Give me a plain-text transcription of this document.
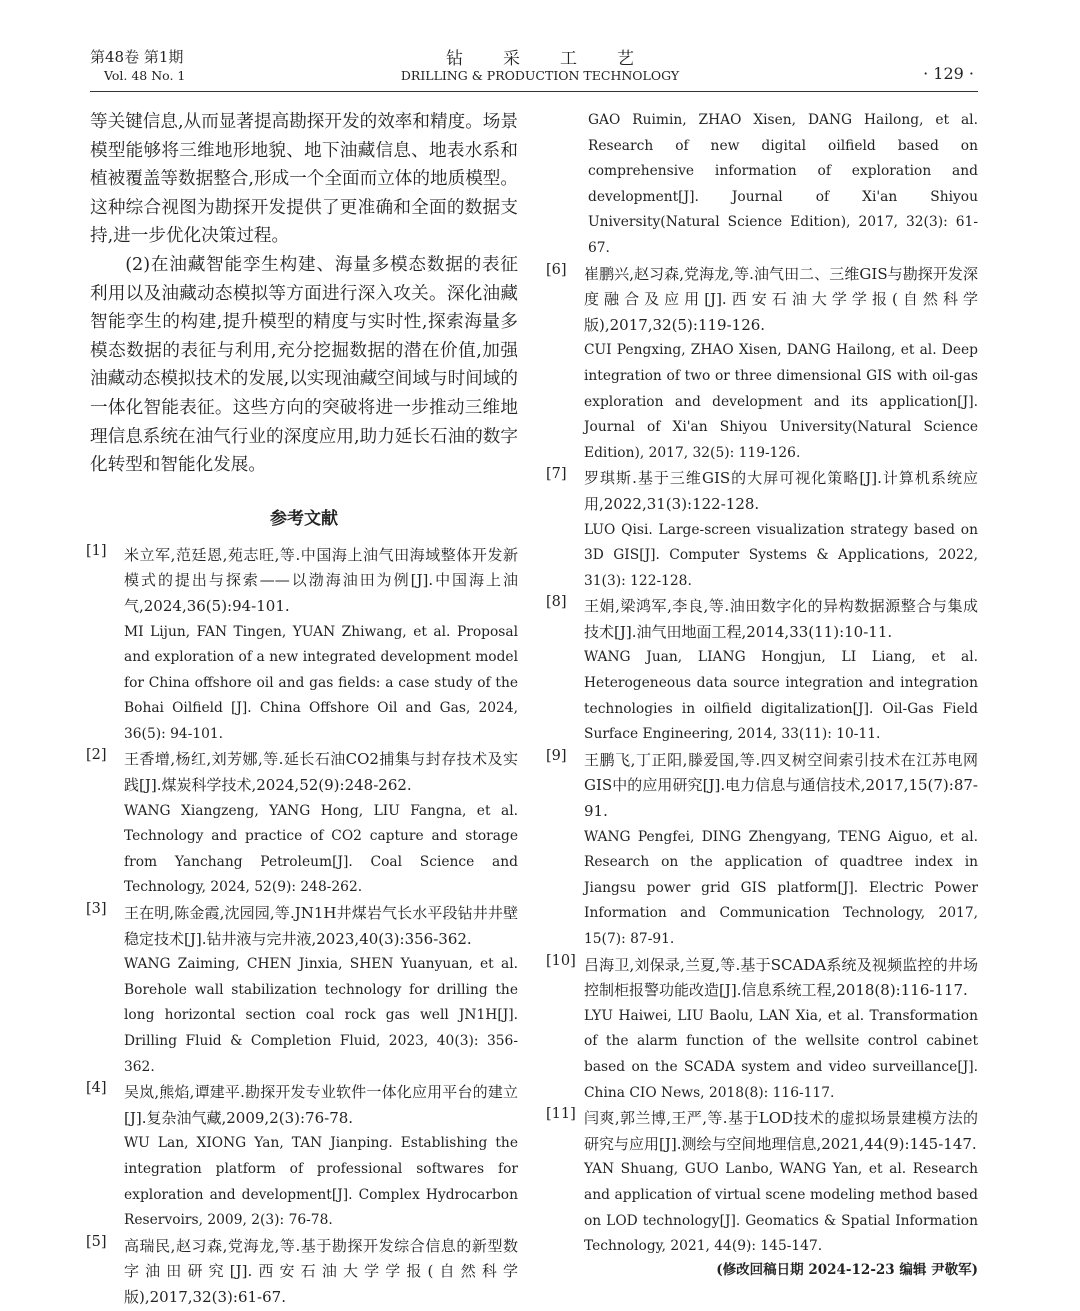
第48卷 第1期
Vol. 48 No. 1
钻采工艺
DRILLING & PRODUCTION TECHNOLOGY	· 129 ·

等关键信息,从而显著提高勘探开发的效率和精度。场景模型能够将三维地形地貌、地下油藏信息、地表水系和植被覆盖等数据整合,形成一个全面而立体的地质模型。这种综合视图为勘探开发提供了更准确和全面的数据支持,进一步优化决策过程。

(2)在油藏智能孪生构建、海量多模态数据的表征利用以及油藏动态模拟等方面进行深入攻关。深化油藏智能孪生的构建,提升模型的精度与实时性,探索海量多模态数据的表征与利用,充分挖掘数据的潜在价值,加强油藏动态模拟技术的发展,以实现油藏空间域与时间域的一体化智能表征。这些方向的突破将进一步推动三维地理信息系统在油气行业的深度应用,助力延长石油的数字化转型和智能化发展。

参考文献
[1] 米立军,范廷恩,苑志旺,等.中国海上油气田海域整体开发新模式的提出与探索——以渤海油田为例[J].中国海上油气,2024,36(5):94-101.

MI Lijun, FAN Tingen, YUAN Zhiwang, et al. Proposal and exploration of a new integrated development model for China offshore oil and gas fields: a case study of the Bohai Oilfield [J]. China Offshore Oil and Gas, 2024, 36(5): 94-101.

[2] 王香增,杨红,刘芳娜,等.延长石油CO2捕集与封存技术及实践[J].煤炭科学技术,2024,52(9):248-262.

WANG Xiangzeng, YANG Hong, LIU Fangna, et al. Technology and practice of CO2 capture and storage from Yanchang Petroleum[J]. Coal Science and Technology, 2024, 52(9): 248-262.

[3] 王在明,陈金霞,沈园园,等.JN1H井煤岩气长水平段钻井井壁稳定技术[J].钻井液与完井液,2023,40(3):356-362.

WANG Zaiming, CHEN Jinxia, SHEN Yuanyuan, et al. Borehole wall stabilization technology for drilling the long horizontal section coal rock gas well JN1H[J]. Drilling Fluid & Completion Fluid, 2023, 40(3): 356-362.

[4] 吴岚,熊焰,谭建平.勘探开发专业软件一体化应用平台的建立[J].复杂油气藏,2009,2(3):76-78.

WU Lan, XIONG Yan, TAN Jianping. Establishing the integration platform of professional softwares for exploration and development[J]. Complex Hydrocarbon Reservoirs, 2009, 2(3): 76-78.

[5] 高瑞民,赵习森,党海龙,等.基于勘探开发综合信息的新型数字油田研究[J].西安石油大学学报(自然科学版),2017,32(3):61-67.

GAO Ruimin, ZHAO Xisen, DANG Hailong, et al. Research of new digital oilfield based on comprehensive information of exploration and development[J]. Journal of Xi'an Shiyou University(Natural Science Edition), 2017, 32(3): 61-67.

[6] 崔鹏兴,赵习森,党海龙,等.油气田二、三维GIS与勘探开发深度融合及应用[J].西安石油大学学报(自然科学版),2017,32(5):119-126.

CUI Pengxing, ZHAO Xisen, DANG Hailong, et al. Deep integration of two or three dimensional GIS with oil-gas exploration and development and its application[J]. Journal of Xi'an Shiyou University(Natural Science Edition), 2017, 32(5): 119-126.

[7] 罗琪斯.基于三维GIS的大屏可视化策略[J].计算机系统应用,2022,31(3):122-128.

LUO Qisi. Large-screen visualization strategy based on 3D GIS[J]. Computer Systems & Applications, 2022, 31(3): 122-128.

[8] 王娟,梁鸿军,李良,等.油田数字化的异构数据源整合与集成技术[J].油气田地面工程,2014,33(11):10-11.

WANG Juan, LIANG Hongjun, LI Liang, et al. Heterogeneous data source integration and integration technologies in oilfield digitalization[J]. Oil-Gas Field Surface Engineering, 2014, 33(11): 10-11.

[9] 王鹏飞,丁正阳,滕爱国,等.四叉树空间索引技术在江苏电网GIS中的应用研究[J].电力信息与通信技术,2017,15(7):87-91.

WANG Pengfei, DING Zhengyang, TENG Aiguo, et al. Research on the application of quadtree index in Jiangsu power grid GIS platform[J]. Electric Power Information and Communication Technology, 2017, 15(7): 87-91.

[10] 吕海卫,刘保录,兰夏,等.基于SCADA系统及视频监控的井场控制柜报警功能改造[J].信息系统工程,2018(8):116-117.

LYU Haiwei, LIU Baolu, LAN Xia, et al. Transformation of the alarm function of the wellsite control cabinet based on the SCADA system and video surveillance[J]. China CIO News, 2018(8): 116-117.

[11] 闫爽,郭兰博,王严,等.基于LOD技术的虚拟场景建模方法的研究与应用[J].测绘与空间地理信息,2021,44(9):145-147.

YAN Shuang, GUO Lanbo, WANG Yan, et al. Research and application of virtual scene modeling method based on LOD technology[J]. Geomatics & Spatial Information Technology, 2021, 44(9): 145-147.

(修改回稿日期 2024-12-23 编辑 尹敬军)
